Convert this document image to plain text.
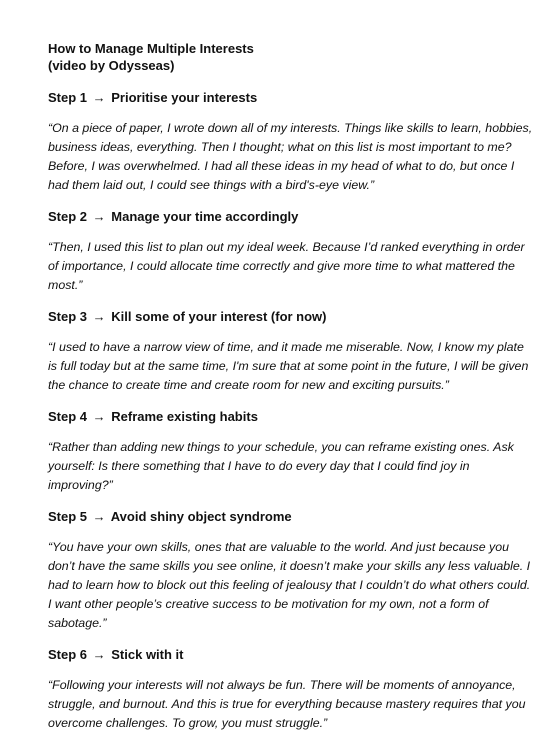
How to Manage Multiple Interests
(video by Odysseas)
Step 1 → Prioritise your interests

“On a piece of paper, I wrote down all of my interests. Things like skills to learn, hobbies, business ideas, everything. Then I thought; what on this list is most important to me? Before, I was overwhelmed. I had all these ideas in my head of what to do, but once I had them laid out, I could see things with a bird's-eye view.”

Step 2 → Manage your time accordingly

“Then, I used this list to plan out my ideal week. Because I’d ranked everything in order of importance, I could allocate time correctly and give more time to what mattered the most.”

Step 3 → Kill some of your interest (for now)

“I used to have a narrow view of time, and it made me miserable. Now, I know my plate is full today but at the same time, I'm sure that at some point in the future, I will be given the chance to create time and create room for new and exciting pursuits.”

Step 4 → Reframe existing habits

“Rather than adding new things to your schedule, you can reframe existing ones. Ask yourself: Is there something that I have to do every day that I could find joy in improving?”

Step 5 → Avoid shiny object syndrome

“You have your own skills, ones that are valuable to the world. And just because you don’t have the same skills you see online, it doesn’t make your skills any less valuable. I had to learn how to block out this feeling of jealousy that I couldn’t do what others could. I want other people’s creative success to be motivation for my own, not a form of sabotage.”

Step 6 → Stick with it

“Following your interests will not always be fun. There will be moments of annoyance, struggle, and burnout. And this is true for everything because mastery requires that you overcome challenges. To grow, you must struggle.”
